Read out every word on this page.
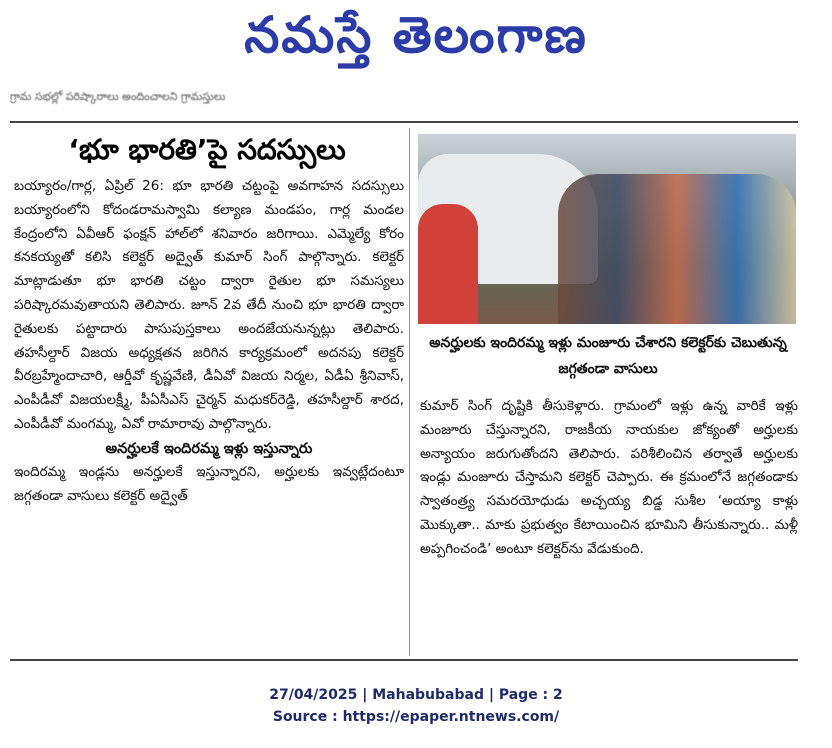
నమస్తే తెలంగాణ
గ్రామ సభల్లో పరిష్కారాలు అందించాలని గ్రామస్తులు
‘భూ భారతి’పై సదస్సులు

బయ్యారం/గార్ల, ఏప్రిల్ 26: భూ భారతి చట్టంపై అవగాహన సదస్సులు బయ్యారంలోని కోదండరామస్వామి కల్యాణ మండపం, గార్ల మండల కేంద్రంలోని ఏవీఆర్ ఫంక్షన్ హాల్‌లో శనివారం జరిగాయి. ఎమ్మెల్యే కోరం కనకయ్యతో కలిసి కలెక్టర్ అద్వైత్ కుమార్ సింగ్ పాల్గొన్నారు. కలెక్టర్ మాట్లాడుతూ భూ భారతి చట్టం ద్వారా రైతుల భూ సమస్యలు పరిష్కారమవుతాయని తెలిపారు. జూన్ 2వ తేదీ నుంచి భూ భారతి ద్వారా రైతులకు పట్టాదారు పాసుపుస్తకాలు అందజేయనున్నట్లు తెలిపారు. తహసీల్దార్ విజయ అధ్యక్షతన జరిగిన కార్యక్రమంలో అదనపు కలెక్టర్ వీరబ్రహ్మేందాచారి, ఆర్డీవో కృష్ణవేణి, డీఏవో విజయ నిర్మల, ఏడీఏ శ్రీనివాస్, ఎంపీడీవో విజయలక్ష్మీ, పీఏసీఎస్ చైర్మన్ మధుకర్‌రెడ్డి, తహసీల్దార్ శారద, ఎంపీడీవో మంగమ్మ, ఏవో రామారావు పాల్గొన్నారు.

అనర్హులకే ఇందిరమ్మ ఇళ్లు ఇస్తున్నారు

ఇందిరమ్మ ఇండ్లను అనర్హులకే ఇస్తున్నారని, అర్హులకు ఇవ్వట్లేదంటూ జగ్గతండా వాసులు కలెక్టర్ అద్వైత్

అనర్హులకు ఇందిరమ్మ ఇళ్లు మంజూరు చేశారని కలెక్టర్‌కు చెబుతున్న జగ్గతండా వాసులు

కుమార్ సింగ్ దృష్టికి తీసుకెళ్లారు. గ్రామంలో ఇళ్లు ఉన్న వారికే ఇళ్లు మంజూరు చేస్తున్నారని, రాజకీయ నాయకుల జోక్యంతో అర్హులకు అన్యాయం జరుగుతోందని తెలిపారు. పరిశీలించిన తర్వాతే అర్హులకు ఇండ్లు మంజూరు చేస్తామని కలెక్టర్ చెప్పారు. ఈ క్రమంలోనే జగ్గతండాకు స్వాతంత్ర్య సమరయోధుడు అచ్చయ్య బిడ్డ సుశీల ‘అయ్యా కాళ్లు మొక్కుతా.. మాకు ప్రభుత్వం కేటాయించిన భూమిని తీసుకున్నారు.. మళ్లీ అప్పగించండి’ అంటూ కలెక్టర్‌ను వేడుకుంది.

27/04/2025 | Mahabubabad | Page : 2
Source : https://epaper.ntnews.com/
